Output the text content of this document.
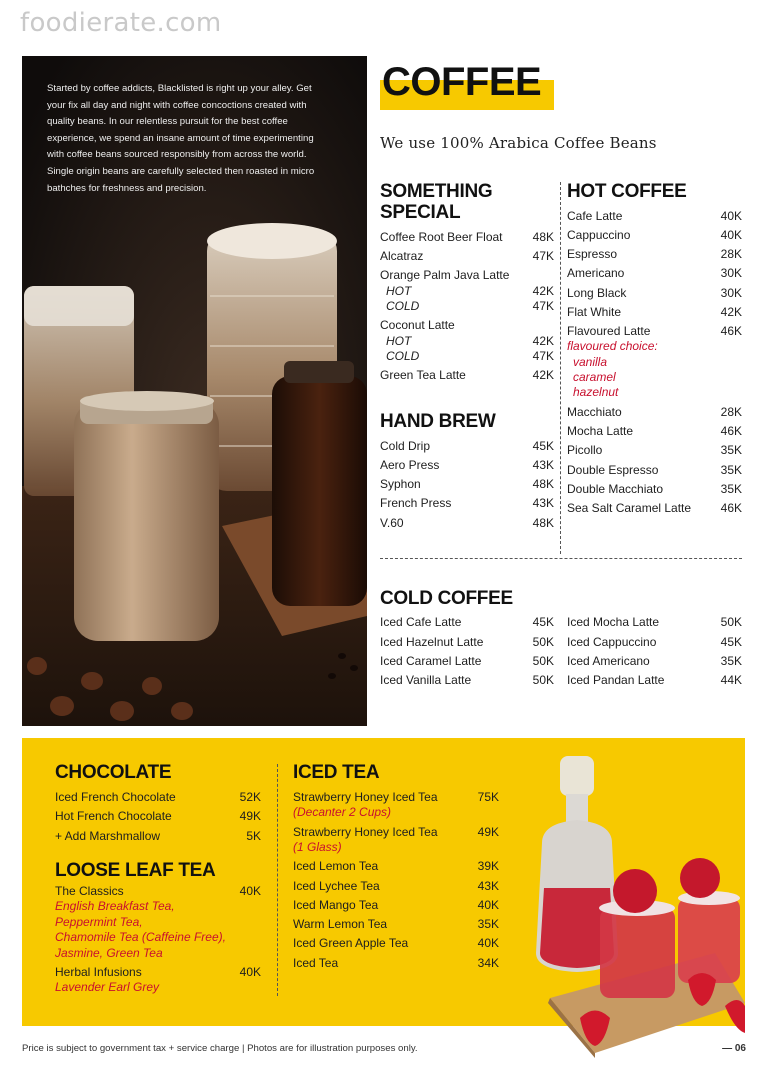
foodierate.com

Started by coffee addicts, Blacklisted is right up your alley. Get

your fix all day and night with coffee concoctions created with

quality beans. In our relentless pursuit for the best coffee

experience, we spend an insane amount of time experimenting

with coffee beans sourced responsibly from across the world.

Single origin beans are carefully selected then roasted in micro

bathches for freshness and precision.

COFFEE
We use 100% Arabica Coffee Beans
SOMETHING
SPECIAL
Coffee Root Beer Float	48K
Alcatraz	47K
Orange Palm Java Latte
HOT	42K
COLD	47K
Coconut Latte
HOT	42K
COLD	47K
Green Tea Latte	42K
HAND BREW
Cold Drip	45K
Aero Press	43K
Syphon	48K
French Press	43K
V.60	48K
HOT COFFEE
Cafe Latte	40K
Cappuccino	40K
Espresso	28K
Americano	30K
Long Black	30K
Flat White	42K
Flavoured Latte	46K
flavoured choice:
vanilla
caramel
hazelnut
Macchiato	28K
Mocha Latte	46K
Picollo	35K
Double Espresso	35K
Double Macchiato	35K
Sea Salt Caramel Latte 46K
COLD COFFEE
Iced Cafe Latte	45K
Iced Hazelnut Latte	50K
Iced Caramel Latte	50K
Iced Vanilla Latte	50K
Iced Mocha Latte	50K
Iced Cappuccino	45K
Iced Americano	35K
Iced Pandan Latte	44K
CHOCOLATE
Iced French Chocolate	52K
Hot French Chocolate	49K
+ Add Marshmallow	5K
LOOSE LEAF TEA
The Classics	40K
English Breakfast Tea,
Peppermint Tea,
Chamomile Tea (Caffeine Free),
Jasmine, Green Tea
Herbal Infusions	40K
Lavender Earl Grey
ICED TEA
Strawberry Honey Iced Tea	75K
(Decanter 2 Cups)
Strawberry Honey Iced Tea	49K
(1 Glass)
Iced Lemon Tea	39K
Iced Lychee Tea	43K
Iced Mango Tea	40K
Warm Lemon Tea	35K
Iced Green Apple Tea	40K
Iced Tea	34K
Price is subject to government tax + service charge | Photos are for illustration purposes only.	— 06
